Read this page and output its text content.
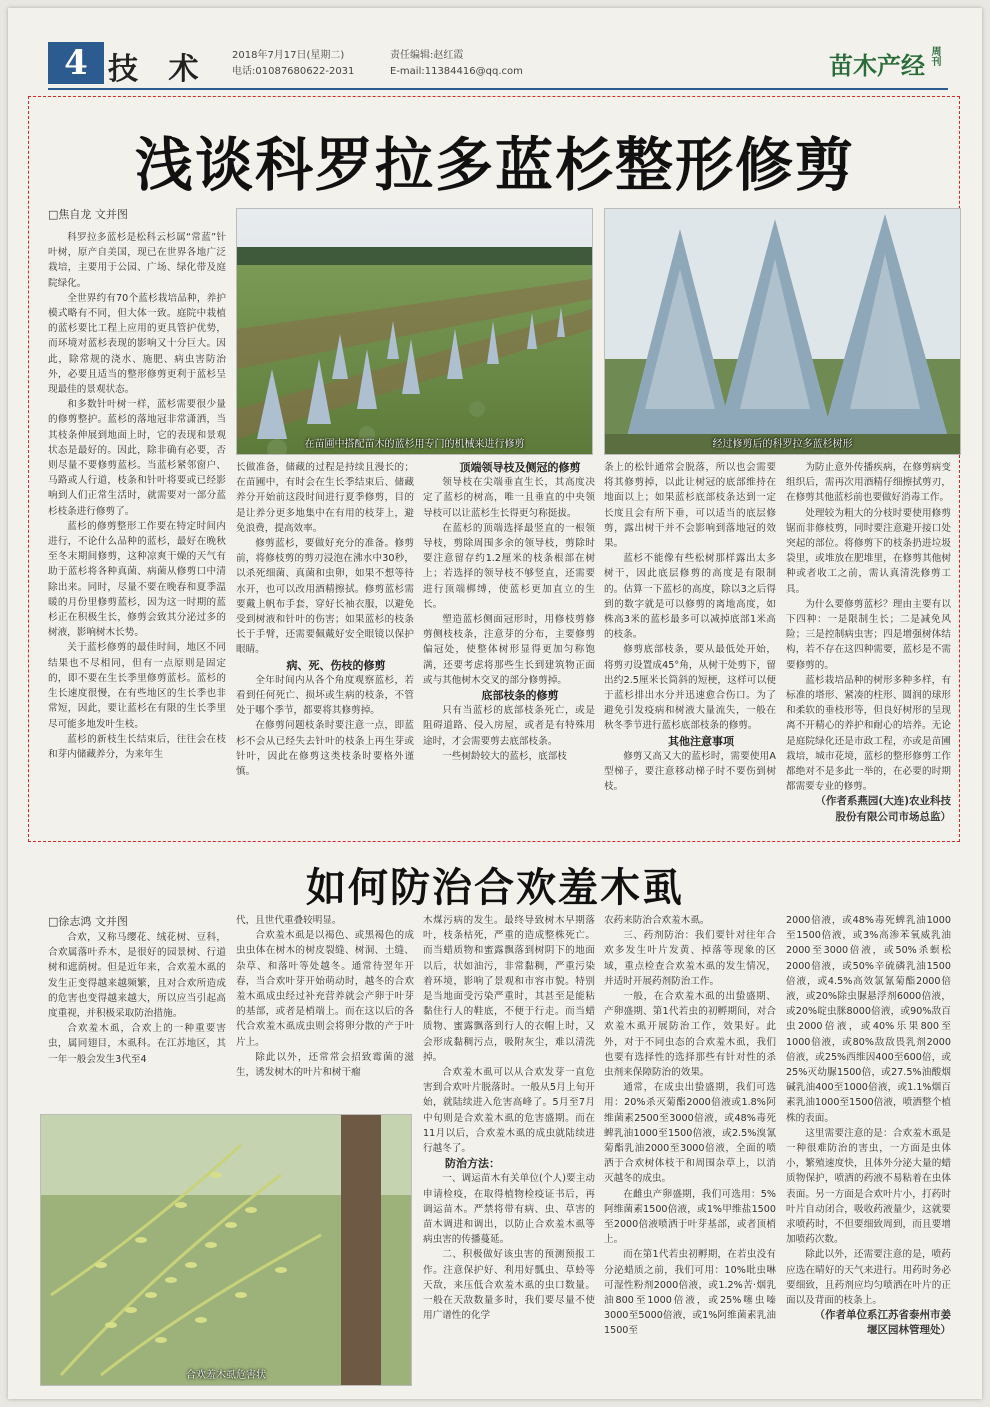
4 技 术 2018年7月17日(星期二)
电话:01087680622-2031
责任编辑:赵红霞
E-mail:11384416@qq.com	苗木产经 周刊
浅谈科罗拉多蓝杉整形修剪
□焦自龙 文并图
在苗圃中搭配苗木的蓝杉用专门的机械来进行修剪	经过修剪后的科罗拉多蓝杉树形

科罗拉多蓝杉是松科云杉属“常蓝”针叶树，原产自美国，现已在世界各地广泛栽培，主要用于公园、广场、绿化带及庭院绿化。

全世界约有70个蓝杉栽培品种，养护模式略有不同，但大体一致。庭院中栽植的蓝杉要比工程上应用的更具管护优势，而环境对蓝杉表现的影响又十分巨大。因此，除常规的浇水、施肥、病虫害防治外，必要且适当的整形修剪更利于蓝杉呈现最佳的景观状态。

和多数针叶树一样，蓝杉需要很少量的修剪整护。蓝杉的落地冠非常潇洒，当其枝条伸展到地面上时，它的表现和景观状态是最好的。因此，除非确有必要，否则尽量不要修剪蓝杉。当蓝杉紧邻窗户、马路或人行道，枝条和针叶将要或已经影响到人们正常生活时，就需要对一部分蓝杉枝条进行修剪了。

蓝杉的修剪整形工作要在特定时间内进行，不论什么品种的蓝杉，最好在晚秋至冬末期间修剪，这种凉爽干燥的天气有助于蓝杉将各种真菌、病菌从修剪口中清除出来。同时，尽量不要在晚春和夏季温暖的月份里修剪蓝杉，因为这一时期的蓝杉正在积极生长，修剪会致其分泌过多的树液，影响树木长势。

关于蓝杉修剪的最佳时间，地区不同结果也不尽相同，但有一点原则是固定的，即不要在生长季里修剪蓝杉。蓝杉的生长速度很慢，在有些地区的生长季也非常短，因此，要让蓝杉在有限的生长季里尽可能多地发叶生枝。

蓝杉的新枝生长结束后，往往会在枝和芽内储藏养分，为来年生

长做准备，储藏的过程是持续且漫长的；在苗圃中，有时会在生长季结束后、储藏养分开始前这段时间进行夏季修剪，目的是让养分更多地集中在有用的枝芽上，避免浪费，提高效率。

修剪蓝杉，要做好充分的准备。修剪前，将修枝剪的剪刃浸泡在沸水中30秒，以杀死细菌、真菌和虫卵，如果不想等待水开，也可以改用酒精擦拭。修剪蓝杉需要戴上帆布手套，穿好长袖衣服，以避免受到树液和针叶的伤害；如果蓝杉的枝条长于手臂，还需要佩戴好安全眼镜以保护眼睛。

病、死、伤枝的修剪

全年时间内从各个角度观察蓝杉，若看到任何死亡、损坏或生病的枝条，不管处于哪个季节，都要将其修剪掉。

在修剪问题枝条时要注意一点，即蓝杉不会从已经失去针叶的枝条上再生芽或针叶，因此在修剪这类枝条时要格外谨慎。

顶端领导枝及侧冠的修剪

领导枝在尖端垂直生长，其高度决定了蓝杉的树高，唯一且垂直的中央领导枝可以让蓝杉生长得更匀称挺拔。

在蓝杉的顶端选择最竖直的一根领导枝，剪除周围多余的领导枝，剪除时要注意留存约1.2厘米的枝条根部在树上；若选择的领导枝不够竖直，还需要进行顶端梆缚，使蓝杉更加直立的生长。

塑造蓝杉侧面冠形时，用修枝剪修剪侧枝枝条，注意芽的分布，主要修剪偏冠处，使整体树形显得更加匀称饱满，还要考虑将那些生长到建筑物正面或与其他树木交叉的部分修剪掉。

底部枝条的修剪

只有当蓝杉的底部枝条死亡，或是阻碍道路、侵入房屋，或者是有特殊用途时，才会需要剪去底部枝条。

一些树龄较大的蓝杉，底部枝

条上的松针通常会脱落，所以也会需要将其修剪掉，以此让树冠的底部维持在地面以上；如果蓝杉底部枝条达到一定长度且会有所下垂，可以适当的底层修剪，露出树干并不会影响到落地冠的效果。

蓝杉不能像有些松树那样露出太多树干，因此底层修剪的高度是有限制的。估算一下蓝杉的高度，除以3之后得到的数字就是可以修剪的离地高度，如株高3米的蓝杉最多可以减掉底部1米高的枝条。

修剪底部枝条，要从最低处开始，将剪刃设置成45°角，从树干处剪下，留出约2.5厘米长筒斜的短梗，这样可以便于蓝杉排出水分并迅速愈合伤口。为了避免引发疫病和树液大量流失，一般在秋冬季节进行蓝杉底部枝条的修剪。

其他注意事项

修剪又高又大的蓝杉时，需要使用A型梯子，要注意移动梯子时不要伤到树枝。

为防止意外传播疾病，在修剪病变组织后，需再次用酒精仔细擦拭剪刃，在修剪其他蓝杉前也要做好消毒工作。

处理较为粗大的分枝时要使用修剪锯而非修枝剪，同时要注意避开接口处突起的部位。将修剪下的枝条扔进垃圾袋里，或堆放在肥堆里，在修剪其他树种或者收工之前，需认真清洗修剪工具。

为什么要修剪蓝杉？理由主要有以下四种：一是限制生长；二是减免风险；三是控制病虫害；四是增强树体结构，若不存在这四种需要，蓝杉是不需要修剪的。

蓝杉栽培品种的树形多种多样，有标准的塔形、紧凑的柱形、圆润的球形和柔软的垂枝形等，但良好树形的呈现离不开精心的养护和耐心的培养。无论是庭院绿化还是市政工程，亦或是苗圃栽培，城市花境，蓝杉的整形修剪工作都绝对不是多此一举的，在必要的时期都需要专业的修剪。

（作者系燕园(大连)农业科技股份有限公司市场总监）

如何防治合欢羞木虱
□徐志鸿 文并图

合欢，又称马缨花、绒花树、豆科，合欢属落叶乔木，是很好的园景树、行道树和遮荫树。但是近年来，合欢羞木虱的发生正变得越来越频繁，且对合欢所造成的危害也变得越来越大，所以应当引起高度重视，并积极采取防治措施。

合欢羞木虱，合欢上的一种重要害虫，属同翅目，木虱科。在江苏地区，其一年一般会发生3代至4

代，且世代重叠较明显。

合欢羞木虱是以褐色、或黑褐色的成虫虫体在树木的树皮裂缝、树洞、土缝、杂草、和落叶等处越冬。通常待翌年开春，当合欢叶芽开始萌动时，越冬的合欢羞木虱成虫经过补充营养就会产卵于叶芽的基部，或者是梢端上。而在这以后的各代合欢羞木虱成虫则会将卵分散的产于叶片上。

除此以外，还常常会招致霉菌的滋生，诱发树木的叶片和树干瘤

合欢羞木虱危害状

木煤污病的发生。最终导致树木早期落叶，枝条枯死，严重的造成整株死亡。而当蜡质物和蜜露飘落到树阴下的地面以后，状如油污，非常黏稠，严重污染着环境，影响了景观和市容市貌。特别是当地面受污染严重时，其甚至是能粘黏住行人的鞋底，不便于行走。而当蜡质物、蜜露飘落到行人的衣帽上时，又会形成黏稠污点，吸附灰尘，难以清洗掉。

合欢羞木虱可以从合欢发芽一直危害到合欢叶片脱落时。一般从5月上旬开始，就陆续进入危害高峰了。5月至7月中旬则是合欢羞木虱的危害盛期。而在11月以后，合欢羞木虱的成虫就陆续进行越冬了。

防治方法：

一、调运苗木有关单位(个人)要主动申请检疫，在取得植物检疫证书后，再调运苗木。严禁将带有病、虫、草害的苗木调进和调出，以防止合欢羞木虱等病虫害的传播蔓延。

二、积极做好该虫害的预测预报工作。注意保护好、利用好瓢虫、草蛉等天敌，来压低合欢羞木虱的虫口数量。一般在天敌数量多时，我们要尽量不使用广谱性的化学

农药来防治合欢羞木虱。

三、药剂防治：我们要针对往年合欢多发生叶片发黄、掉落等现象的区域，重点检查合欢羞木虱的发生情况，并适时开展药剂防治工作。

一般，在合欢羞木虱的出蛰盛期、产卵盛期、第1代若虫的初孵期间，对合欢羞木虱开展防治工作，效果好。此外，对于不同虫态的合欢羞木虱，我们也要有选择性的选择那些有针对性的杀虫剂来保障防治的效果。

通常，在成虫出蛰盛期，我们可选用：20%杀灭菊酯2000倍液或1.8%阿维菌素2500至3000倍液，或48%毒死蜱乳油1000至1500倍液，或2.5%溴氰菊酯乳油2000至3000倍液，全面的喷洒于合欢树体枝干和周围杂草上，以消灭越冬的成虫。

在雌虫产卵盛期，我们可选用：5%阿维菌素1500倍液，或1%甲维盐1500至2000倍液喷洒于叶芽基部，或者顶梢上。

而在第1代若虫初孵期，在若虫没有分泌蜡质之前，我们可用：10%吡虫啉可湿性粉剂2000倍液，或1.2%苦·烟乳油800至1000倍液，或25%噻虫嗪3000至5000倍液，或1%阿维菌素乳油1500至

2000倍液，或48%毒死蜱乳油1000至1500倍液，或3%高渗苯氧威乳油2000至3000倍液，或50%杀螟松2000倍液，或50%辛硫磷乳油1500倍液，或4.5%高效氯氰菊酯2000倍液，或20%除虫脲悬浮剂6000倍液，或20%啶虫脒8000倍液，或90%敌百虫2000倍液，或40%乐果800至1000倍液，或80%敌敌畏乳剂2000倍液，或25%西维因400至600倍，或25%灭幼脲1500倍，或27.5%油酸烟碱乳油400至1000倍液，或1.1%烟百素乳油1000至1500倍液，喷洒整个植株的表面。

这里需要注意的是：合欢羞木虱是一种很难防治的害虫，一方面是虫体小，繁殖速度快，且体外分泌大量的蜡质物保护，喷洒的药液不易粘着在虫体表面。另一方面是合欢叶片小，打药时叶片自动闭合，吸收药液量少，这就要求喷药时，不但要细致周到，而且要增加喷药次数。

除此以外，还需要注意的是，喷药应选在晴好的天气来进行。用药时务必要细致，且药剂应均匀喷洒在叶片的正面以及背面的枝条上。

（作者单位系江苏省泰州市姜堰区园林管理处）
